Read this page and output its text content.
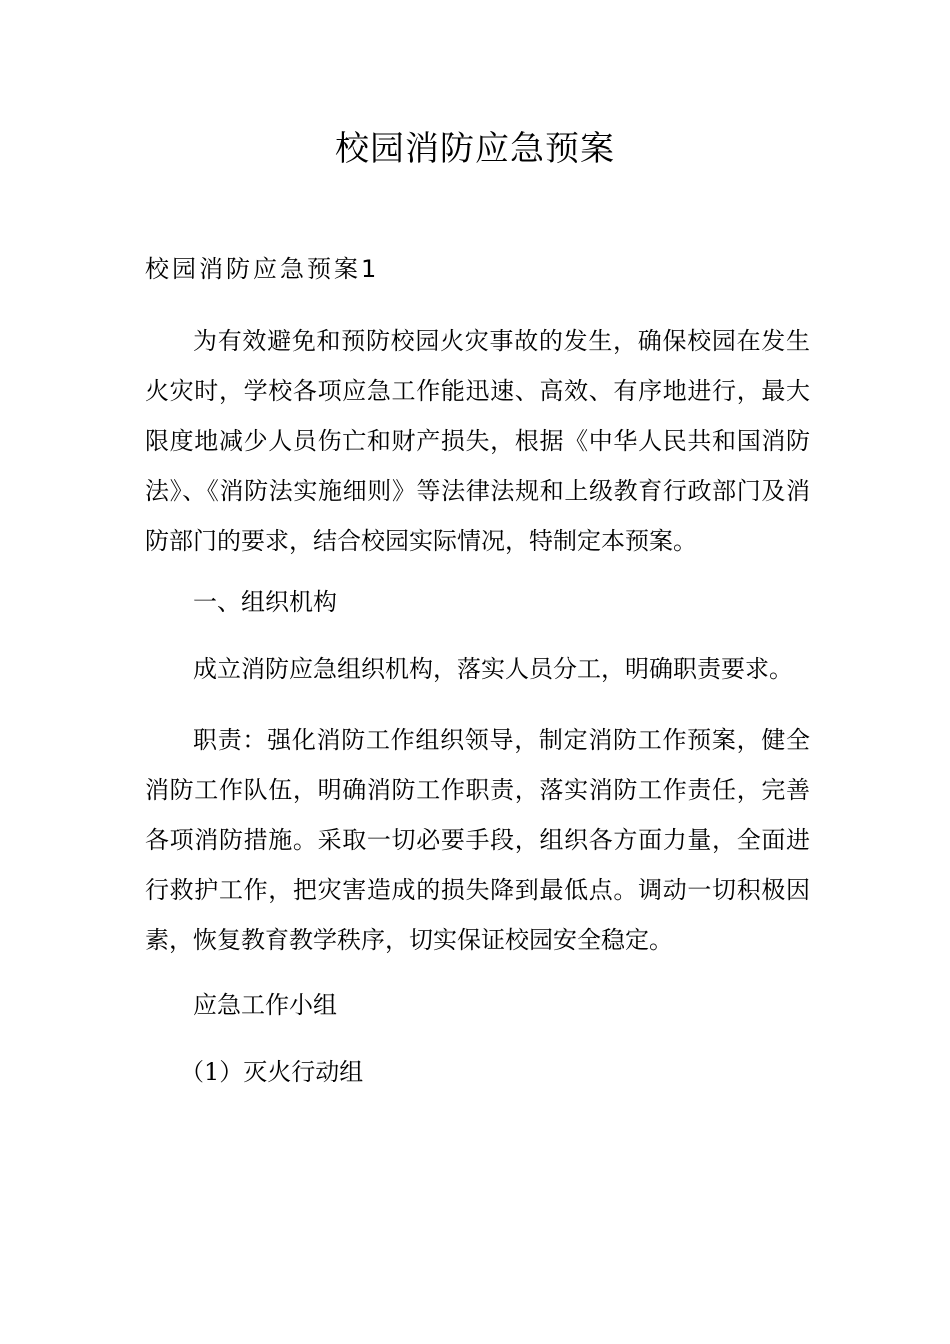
校园消防应急预案
校园消防应急预案1

为有效避免和预防校园火灾事故的发生，确保校园在发生火灾时，学校各项应急工作能迅速、高效、有序地进行，最大限度地减少人员伤亡和财产损失，根据《中华人民共和国消防法》、《消防法实施细则》等法律法规和上级教育行政部门及消防部门的要求，结合校园实际情况，特制定本预案。

一、组织机构

成立消防应急组织机构，落实人员分工，明确职责要求。

职责：强化消防工作组织领导，制定消防工作预案，健全消防工作队伍，明确消防工作职责，落实消防工作责任，完善各项消防措施。采取一切必要手段，组织各方面力量，全面进行救护工作，把灾害造成的损失降到最低点。调动一切积极因素，恢复教育教学秩序，切实保证校园安全稳定。

应急工作小组

（1）灭火行动组
